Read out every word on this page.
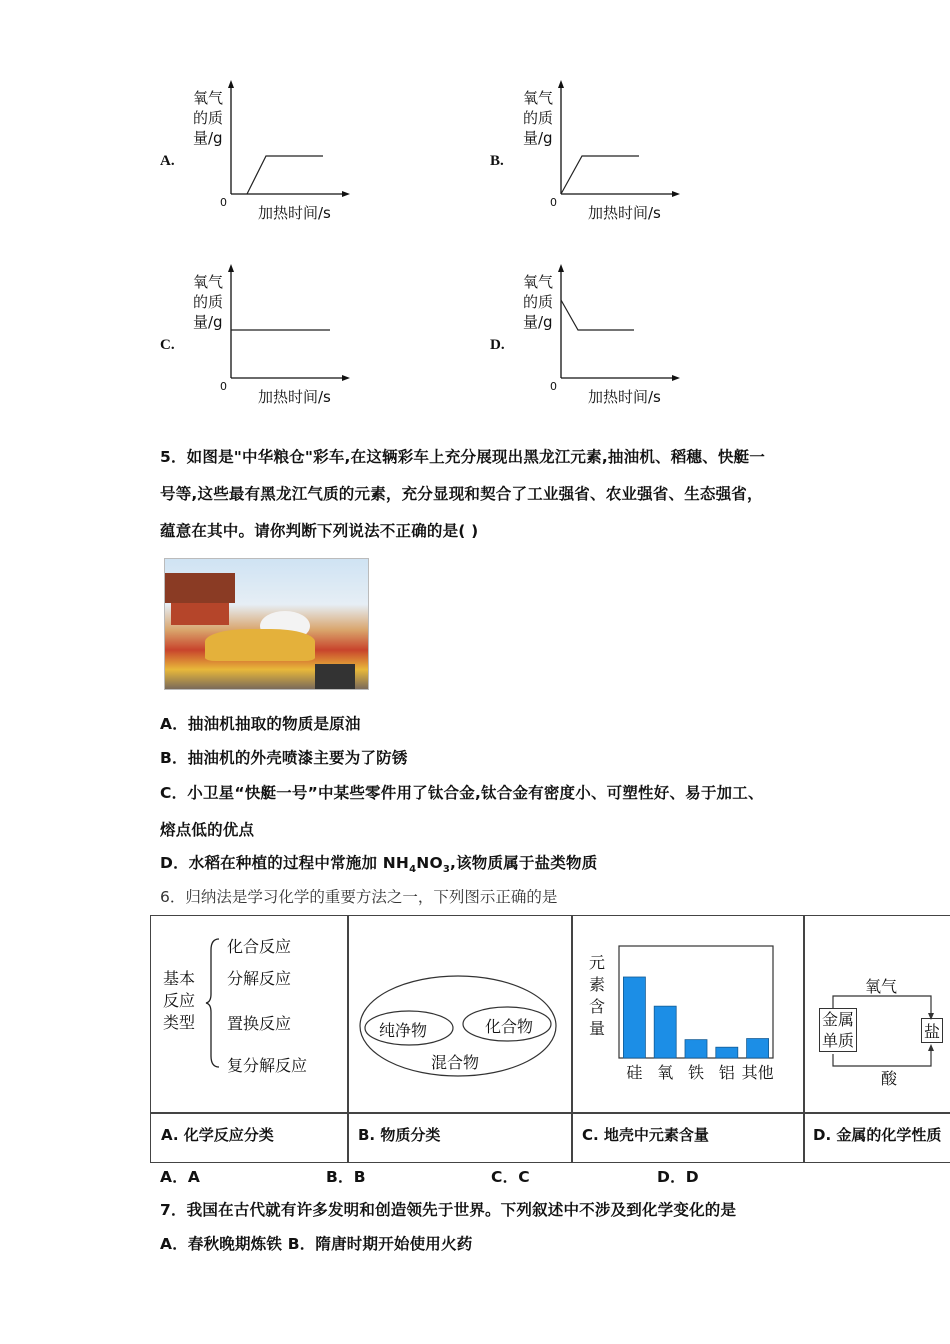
A.
氧气
的质
量/g
0
加热时间/s
B.
氧气
的质
量/g
0
加热时间/s
C.
氧气
的质
量/g
0
加热时间/s
D.
氧气
的质
量/g
0
加热时间/s
5．如图是"中华粮仓"彩车,在这辆彩车上充分展现出黑龙江元素,抽油机、稻穗、快艇一
号等,这些最有黑龙江气质的元素，充分显现和契合了工业强省、农业强省、生态强省，
蕴意在其中。请你判断下列说法不正确的是( )
A．抽油机抽取的物质是原油
B．抽油机的外壳喷漆主要为了防锈
C．小卫星“快艇一号”中某些零件用了钛合金,钛合金有密度小、可塑性好、易于加工、
熔点低的优点
D．水稻在种植的过程中常施加 $NH_4NO_3$,该物质属于盐类物质
6．归纳法是学习化学的重要方法之一，下列图示正确的是
基本
反应
类型
化合反应
分解反应
置换反应
复分解反应
A. 化学反应分类
纯净物	化合物
混合物
B. 物质分类
元
素
含
量
硅 氧 铁 铝 其他
C. 地壳中元素含量
氧气
金属
单质	盐
酸
D. 金属的化学性质
A．A	B．B	C．C	D．D
7．我国在古代就有许多发明和创造领先于世界。下列叙述中不涉及到化学变化的是
A．春秋晚期炼铁 B．隋唐时期开始使用火药
